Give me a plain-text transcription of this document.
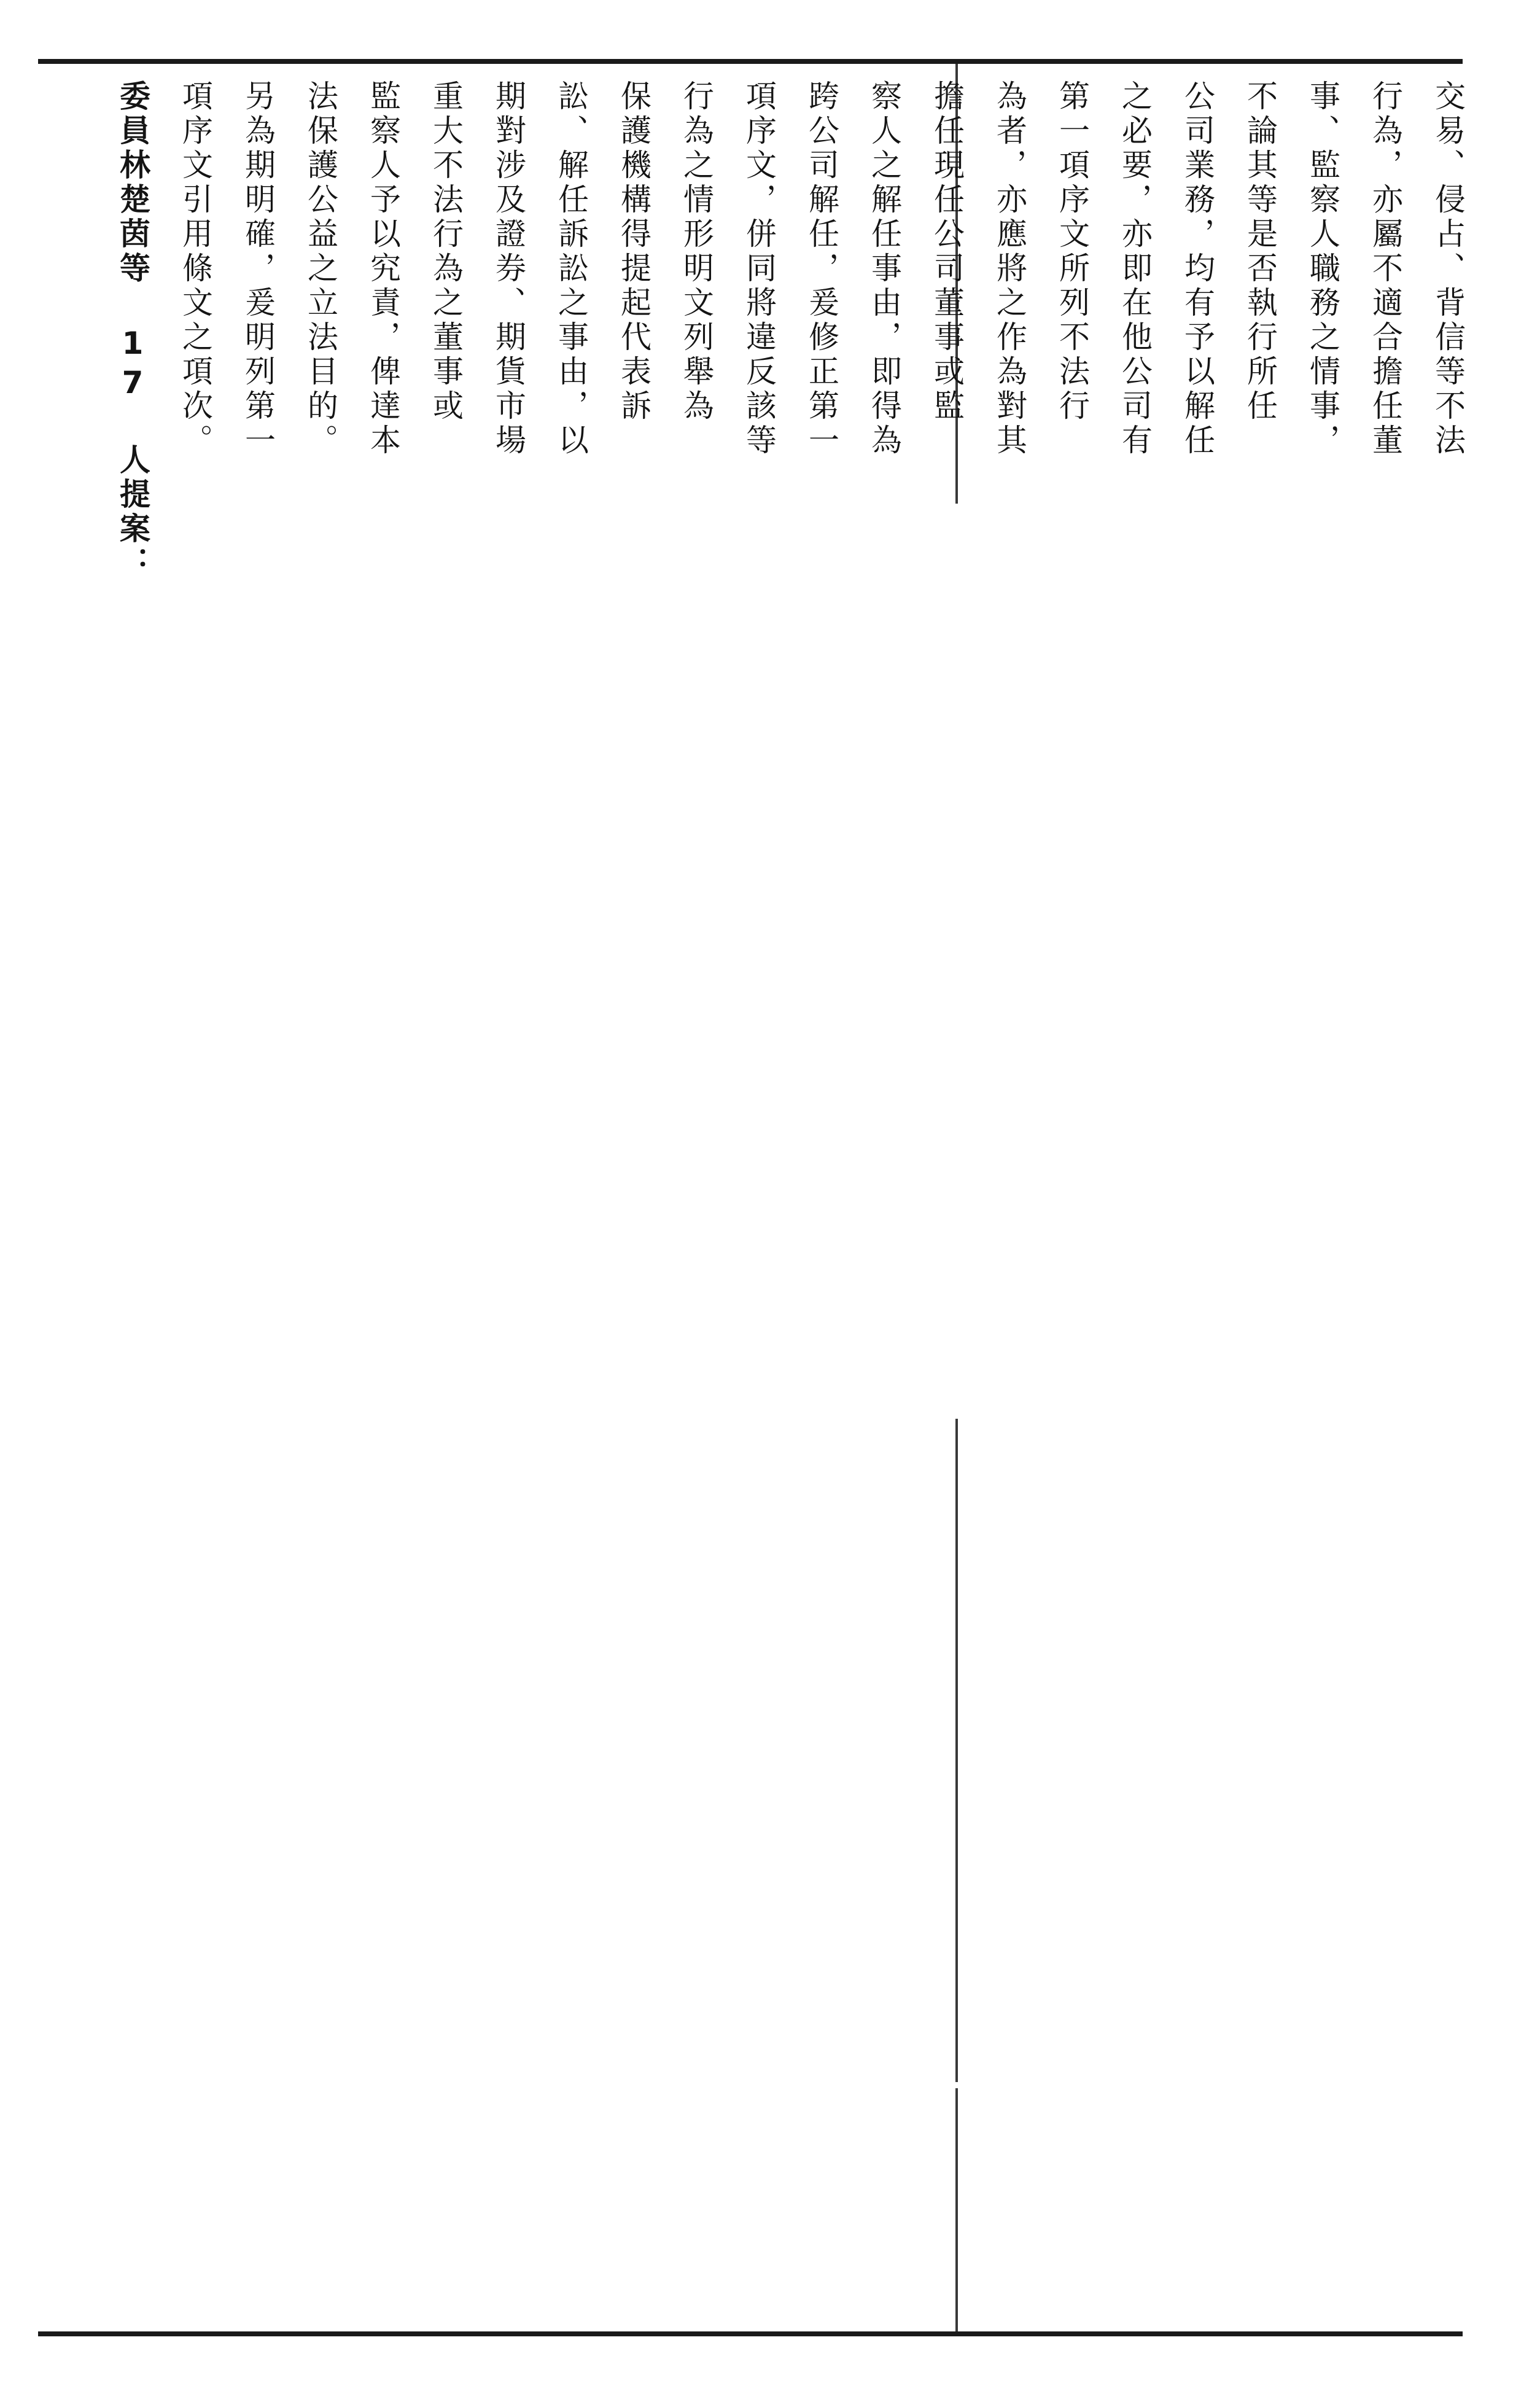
交易、侵占、背信等不法
行為，亦屬不適合擔任董
事、監察人職務之情事，
不論其等是否執行所任
公司業務，均有予以解任
之必要，亦即在他公司有
第一項序文所列不法行
為者，亦應將之作為對其
擔任現任公司董事或監
察人之解任事由，即得為
跨公司解任，爰修正第一
項序文，併同將違反該等
行為之情形明文列舉為
保護機構得提起代表訴
訟、解任訴訟之事由，以
期對涉及證券、期貨市場
重大不法行為之董事或
監察人予以究責，俾達本
法保護公益之立法目的。
另為期明確，爰明列第一
項序文引用條文之項次。
委員林楚茵等 17 人提案：
